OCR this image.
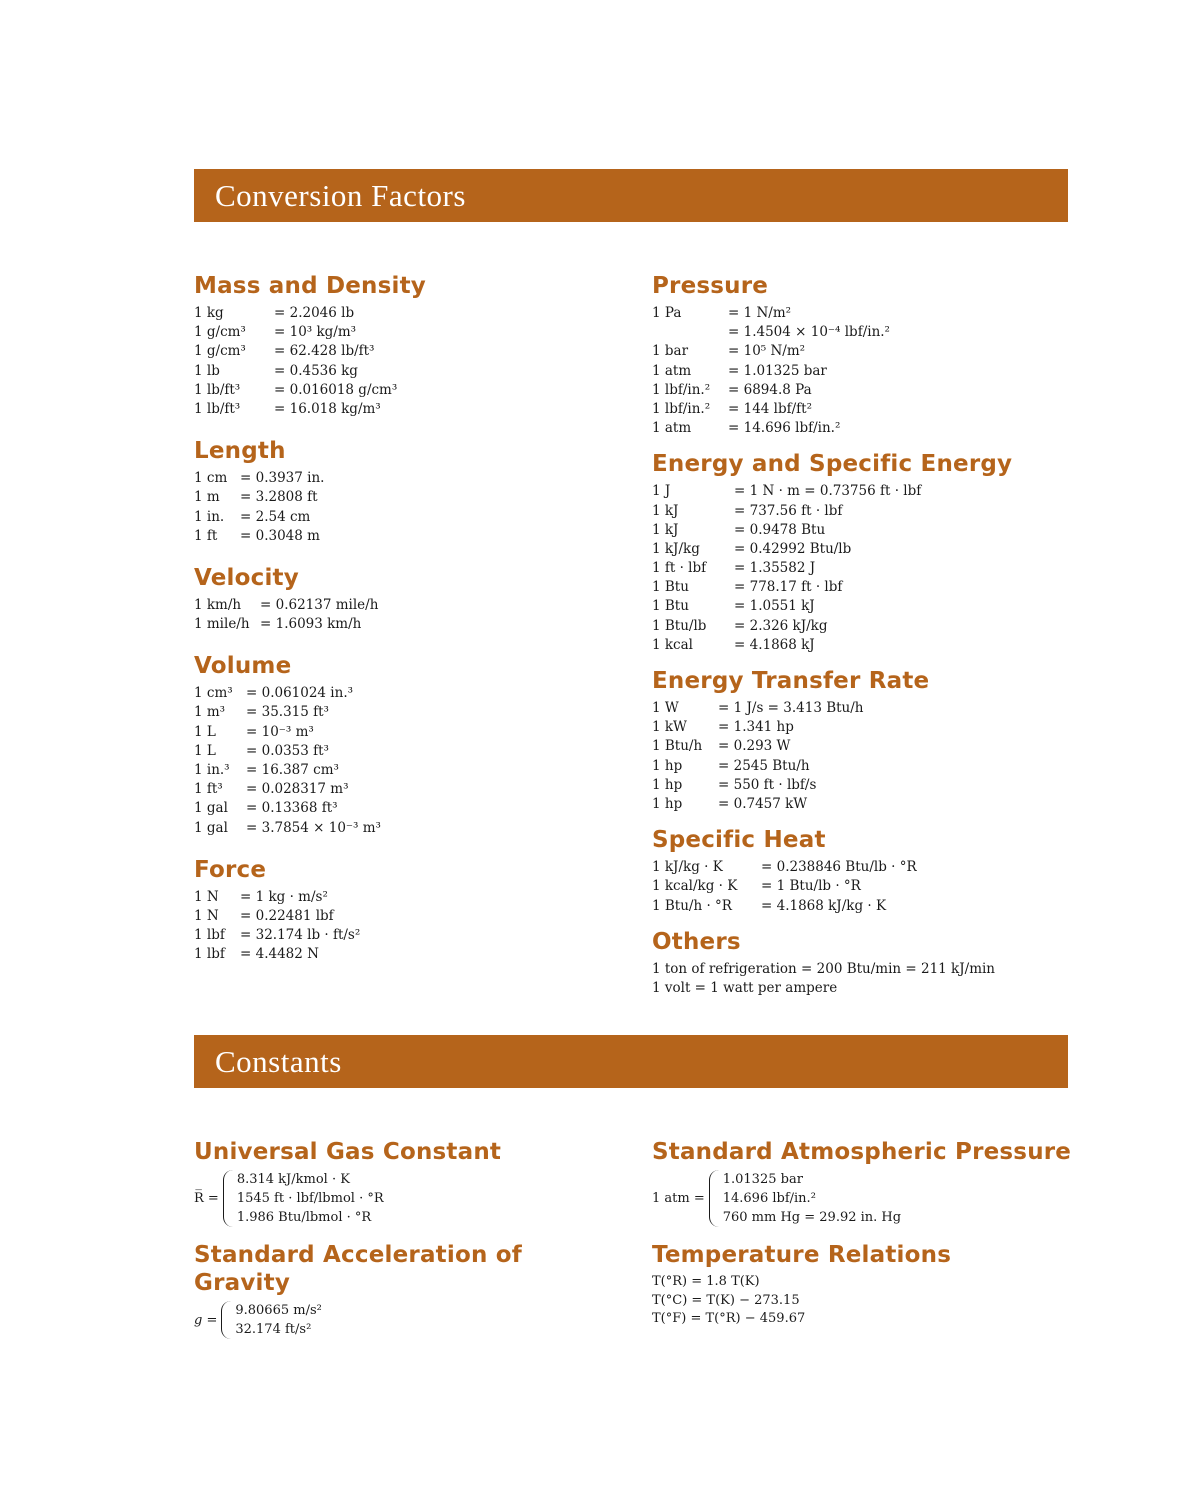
Conversion Factors
Mass and Density
1 kg	= 2.2046 lb
1 g/cm³	= 10³ kg/m³
1 g/cm³	= 62.428 lb/ft³
1 lb	= 0.4536 kg
1 lb/ft³	= 0.016018 g/cm³
1 lb/ft³	= 16.018 kg/m³
Length
1 cm = 0.3937 in.
1 m	= 3.2808 ft
1 in.	= 2.54 cm
1 ft	= 0.3048 m
Velocity
1 km/h	= 0.62137 mile/h
1 mile/h = 1.6093 km/h
Volume
1 cm³ = 0.061024 in.³
1 m³	= 35.315 ft³
1 L	= 10⁻³ m³
1 L	= 0.0353 ft³
1 in.³	= 16.387 cm³
1 ft³	= 0.028317 m³
1 gal	= 0.13368 ft³
1 gal	= 3.7854 × 10⁻³ m³
Force
1 N	= 1 kg · m/s²
1 N	= 0.22481 lbf
1 lbf	= 32.174 lb · ft/s²
1 lbf	= 4.4482 N
Pressure
1 Pa	= 1 N/m²
= 1.4504 × 10⁻⁴ lbf/in.²
1 bar	= 10⁵ N/m²
1 atm	= 1.01325 bar
1 lbf/in.²	= 6894.8 Pa
1 lbf/in.²	= 144 lbf/ft²
1 atm	= 14.696 lbf/in.²
Energy and Specific Energy
1 J	= 1 N · m = 0.73756 ft · lbf
1 kJ	= 737.56 ft · lbf
1 kJ	= 0.9478 Btu
1 kJ/kg	= 0.42992 Btu/lb
1 ft · lbf	= 1.35582 J
1 Btu	= 778.17 ft · lbf
1 Btu	= 1.0551 kJ
1 Btu/lb	= 2.326 kJ/kg
1 kcal	= 4.1868 kJ
Energy Transfer Rate
1 W	= 1 J/s = 3.413 Btu/h
1 kW	= 1.341 hp
1 Btu/h	= 0.293 W
1 hp	= 2545 Btu/h
1 hp	= 550 ft · lbf/s
1 hp	= 0.7457 kW
Specific Heat
1 kJ/kg · K	= 0.238846 Btu/lb · °R
1 kcal/kg · K	= 1 Btu/lb · °R
1 Btu/h · °R	= 4.1868 kJ/kg · K
Others
1 ton of refrigeration = 200 Btu/min = 211 kJ/min
1 volt = 1 watt per ampere
Constants
Universal Gas Constant
R̅ =
8.314 kJ/kmol · K
1545 ft · lbf/lbmol · °R
1.986 Btu/lbmol · °R
Standard Acceleration of Gravity
g =
9.80665 m/s²
32.174 ft/s²
Standard Atmospheric Pressure
1 atm =
1.01325 bar
14.696 lbf/in.²
760 mm Hg = 29.92 in. Hg
Temperature Relations
T(°R) = 1.8 T(K)
T(°C) = T(K) − 273.15
T(°F) = T(°R) − 459.67
